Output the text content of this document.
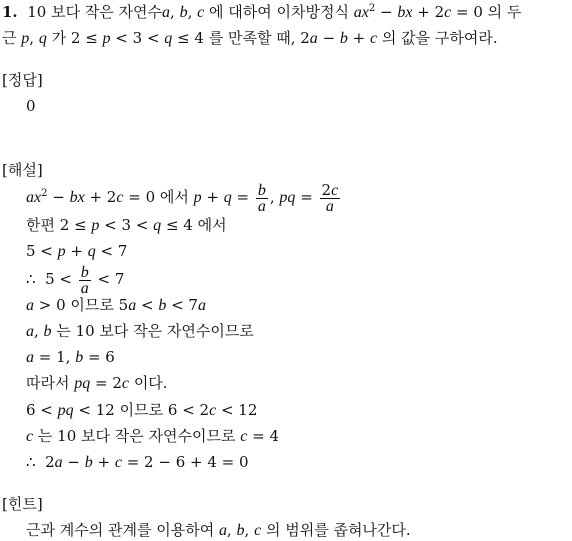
1. 10 보다 작은 자연수a, b, c 에 대하여 이차방정식 $ax^2$ − bx + 2c = 0 의 두
근 p, q 가 2 ≤ p < 3 < q ≤ 4 를 만족할 때, 2a − b + c 의 값을 구하여라.
[정답]
0
[해설]
$ax^2$ − bx + 2c = 0 에서 $p + q = \frac{b}{a}$ , pq = $\frac{2c}{a}$
한편 2 ≤ p < 3 < q ≤ 4 에서
5 < p + q < 7
∴  $5 < \frac{b}{a} < 7$
a > 0 이므로 5a < b < 7a
a, b 는 10 보다 작은 자연수이므로
a = 1, b = 6
따라서 pq = 2c 이다.
6 < pq < 12 이므로 6 < 2c < 12
c 는 10 보다 작은 자연수이므로 c = 4
∴  2a − b + c = 2 − 6 + 4 = 0
[힌트]
근과 계수의 관계를 이용하여 a, b, c 의 범위를 좁혀나간다.
